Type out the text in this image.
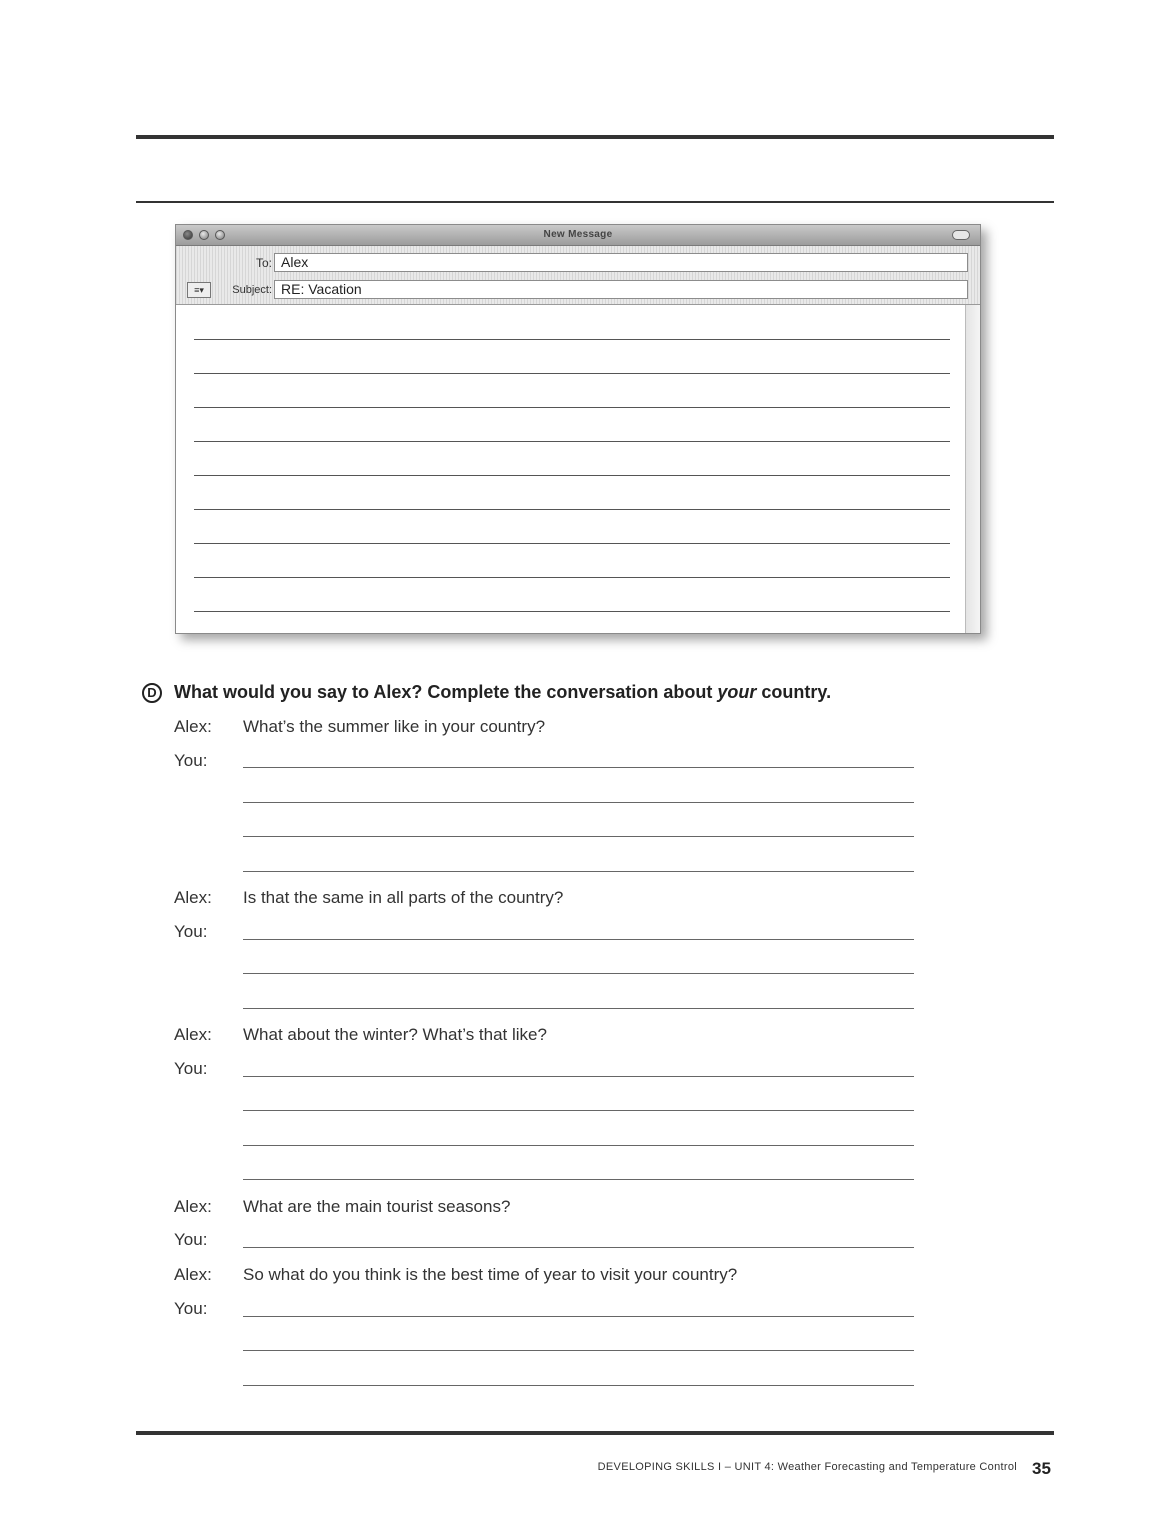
New Message
To: Alex
≡▾	Subject: RE: Vacation
D What would you say to Alex? Complete the conversation about your country.
Alex: What’s the summer like in your country?
You:
Alex: Is that the same in all parts of the country?
You:
Alex: What about the winter? What’s that like?
You:
Alex: What are the main tourist seasons?
You:
Alex: So what do you think is the best time of year to visit your country?
You:
DEVELOPING SKILLS I – UNIT 4: Weather Forecasting and Temperature Control 35
